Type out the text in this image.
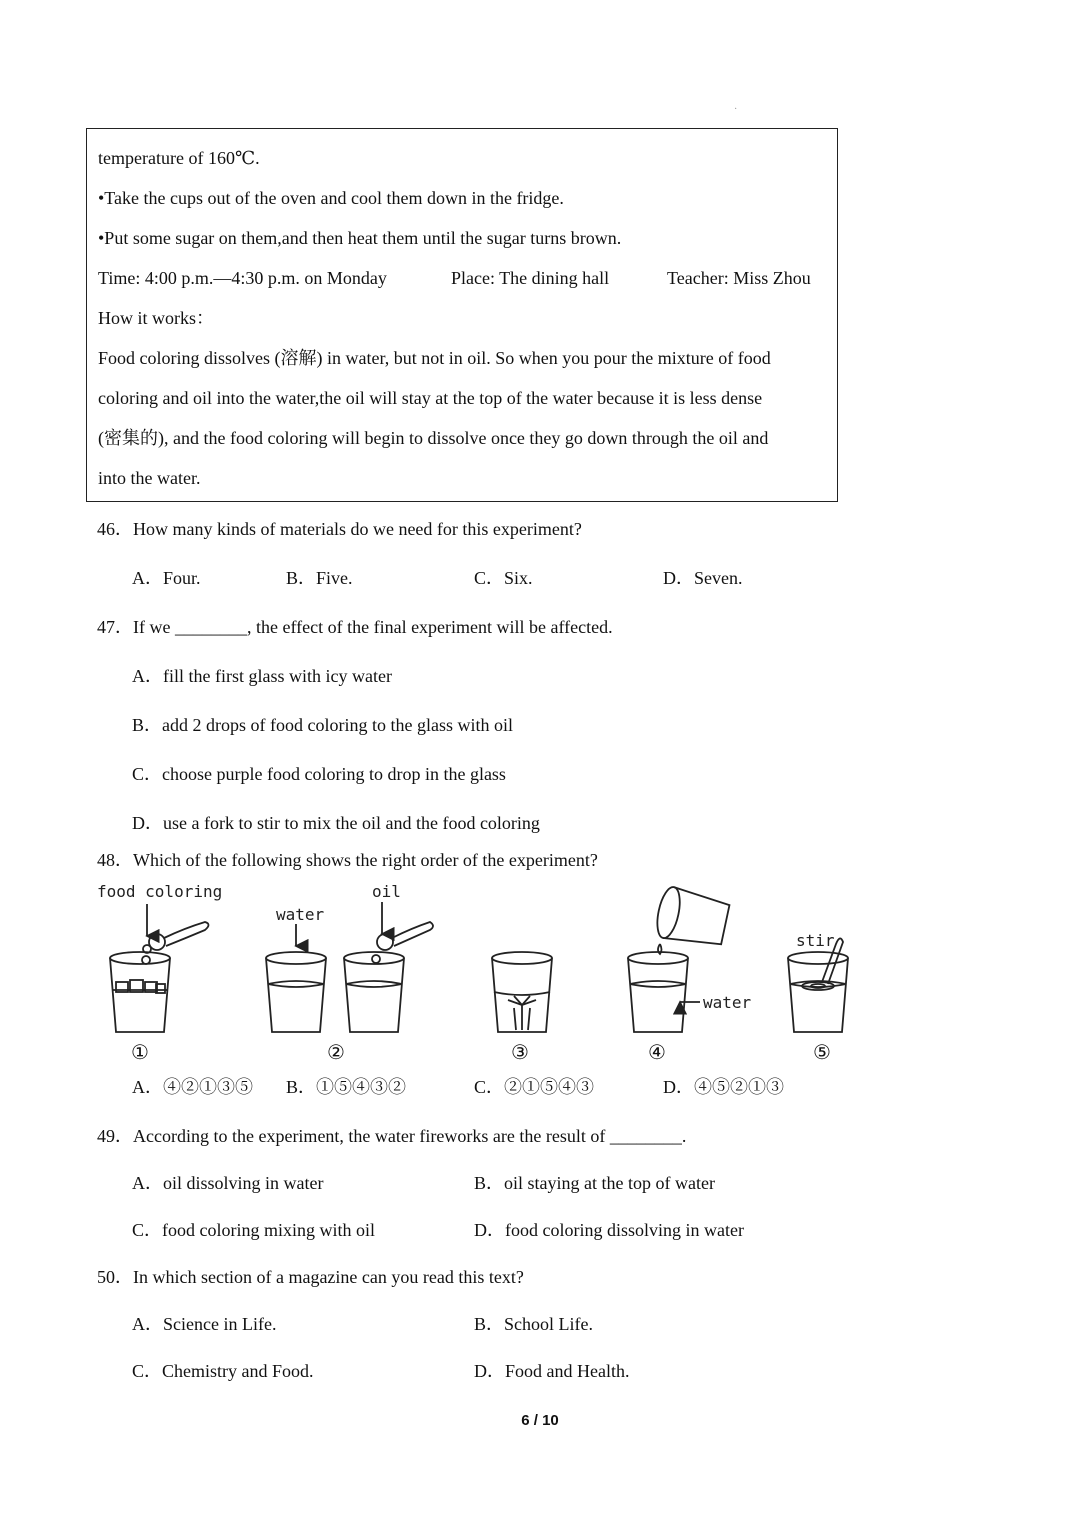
·
temperature of 160℃.
•Take the cups out of the oven and cool them down in the fridge.
•Put some sugar on them,and then heat them until the sugar turns brown.
Time: 4:00 p.m.—4:30 p.m. on Monday	Place: The dining hall	Teacher: Miss Zhou
How it works：
Food coloring dissolves (溶解) in water, but not in oil. So when you pour the mixture of food
coloring and oil into the water,the oil will stay at the top of the water because it is less dense
(密集的), and the food coloring will begin to dissolve once they go down through the oil and
into the water.
46．How many kinds of materials do we need for this experiment?
A．Four.	B．Five.	C．Six.	D．Seven.
47．If we ________, the effect of the final experiment will be affected.
A．fill the first glass with icy water
B．add 2 drops of food coloring to the glass with oil
C．choose purple food coloring to drop in the glass
D．use a fork to stir to mix the oil and the food coloring
48．Which of the following shows the right order of the experiment?
food coloring
water
oil
water
stir
①	②	③	④	⑤
A．④②①③⑤ B．①⑤④③②	C．②①⑤④③	D．④⑤②①③
49．According to the experiment, the water fireworks are the result of ________.
A．oil dissolving in water	B．oil staying at the top of water
C．food coloring mixing with oil	D．food coloring dissolving in water
50．In which section of a magazine can you read this text?
A．Science in Life.	B．School Life.
C．Chemistry and Food.	D．Food and Health.
6 / 10
